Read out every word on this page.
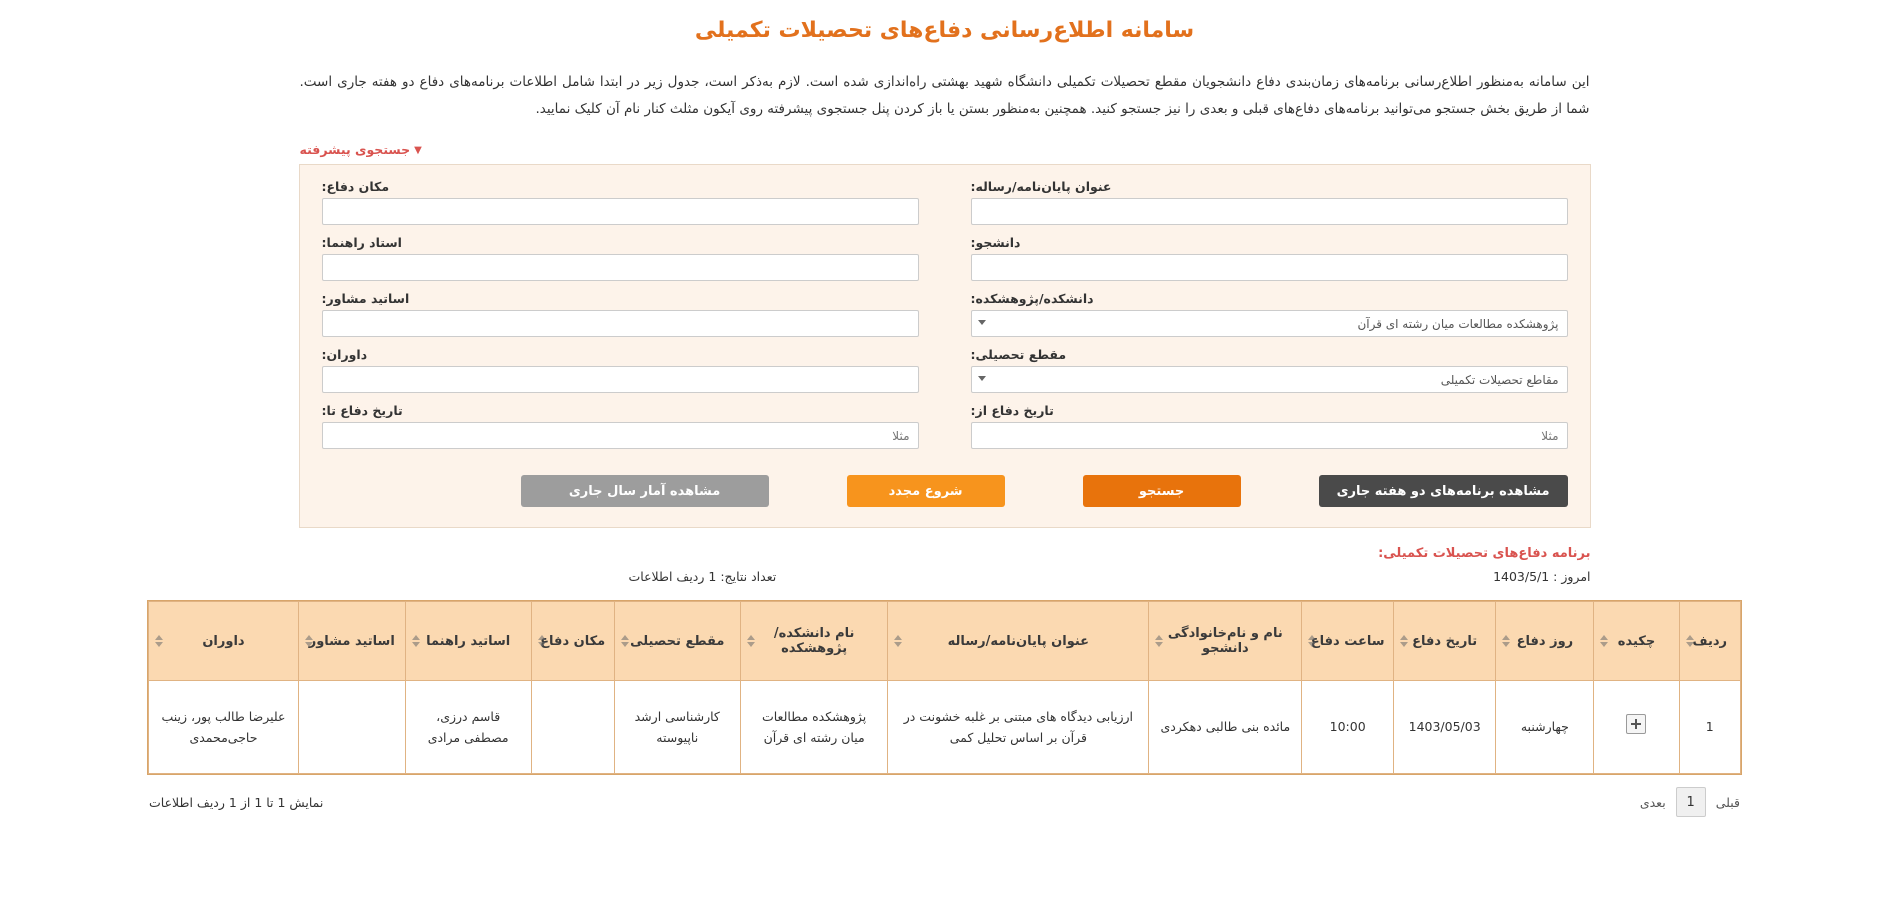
سامانه اطلاع‌رسانی دفاع‌های تحصیلات تکمیلی

این سامانه به‌منظور اطلاع‌رسانی برنامه‌های زمان‌بندی دفاع دانشجویان مقطع تحصیلات تکمیلی دانشگاه شهید بهشتی راه‌اندازی شده است. لازم به‌ذکر است، جدول زیر در ابتدا شامل اطلاعات برنامه‌های دفاع دو هفته جاری است. شما از طریق بخش جستجو می‌توانید برنامه‌های دفاع‌های قبلی و بعدی را نیز جستجو کنید. همچنین به‌منظور بستن یا باز کردن پنل جستجوی پیشرفته روی آیکون مثلث کنار نام آن کلیک نمایید.

▼جستجوی پیشرفته
عنوان پایان‌نامه/رساله:
دانشجو:
دانشکده/پژوهشکده:
پژوهشکده مطالعات میان رشته ای قرآن
مقطع تحصیلی:
مقاطع تحصیلات تکمیلی
تاریخ دفاع از:
مثلا
مکان دفاع:
استاد راهنما:
اساتید مشاور:
داوران:
تاریخ دفاع تا:
مثلا
مشاهده برنامه‌های دو هفته جاری
جستجو
شروع مجدد
مشاهده آمار سال جاری
برنامه دفاع‌های تحصیلات تکمیلی:
امروز : 1403/5/1
تعداد نتایج: 1 ردیف اطلاعات
ردیف	چکیده	روز دفاع	تاریخ دفاع	ساعت دفاع	نام و نام‌خانوادگی دانشجو	عنوان پایان‌نامه/رساله	نام دانشکده/پژوهشکده	مقطع تحصیلی	مکان دفاع	اساتید راهنما	اساتید مشاور	داوران

1		چهارشنبه	1403/05/03	10:00	مائده بنی طالبی دهکردی	ارزیابی دیدگاه های مبتنی بر غلبه خشونت در قرآن بر اساس تحلیل کمی	پژوهشکده مطالعات میان رشته ای قرآن	کارشناسی ارشد ناپیوسته		قاسم درزی، مصطفی مرادی		علیرضا طالب پور، زینب حاجی‌محمدی
قبلی
1
بعدی
نمایش 1 تا 1 از 1 ردیف اطلاعات
